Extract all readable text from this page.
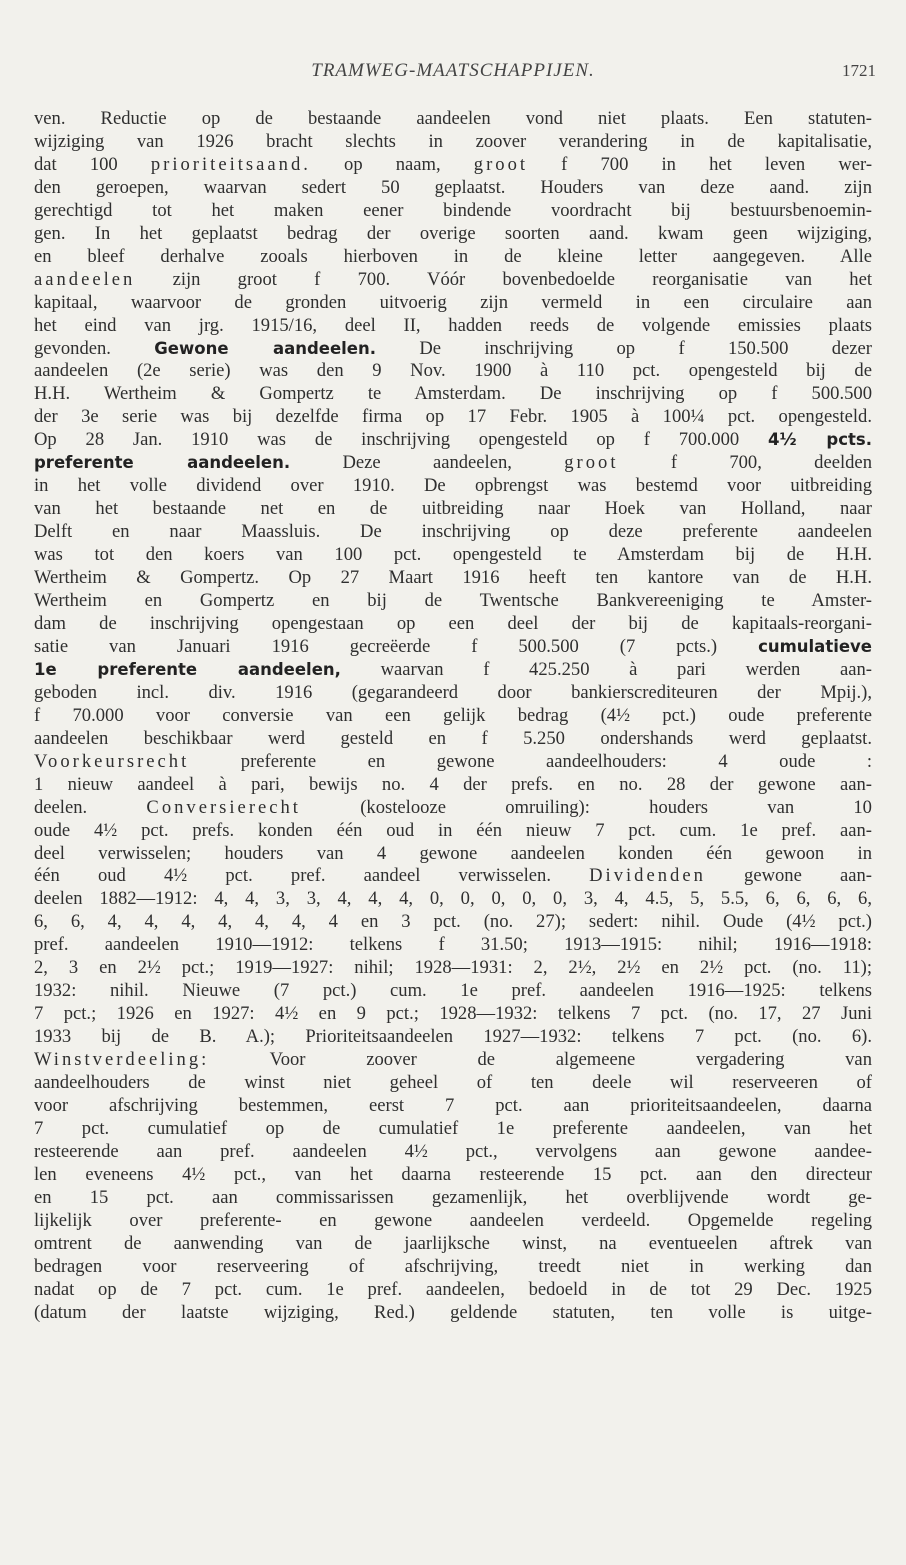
TRAMWEG-MAATSCHAPPIJEN.	1721
ven. Reductie op de bestaande aandeelen vond niet plaats. Een statuten-
wijziging van 1926 bracht slechts in zoover verandering in de kapitalisatie,
dat 100 prioriteitsaand. op naam, groot f 700 in het leven wer-
den geroepen, waarvan sedert 50 geplaatst. Houders van deze aand. zijn
gerechtigd tot het maken eener bindende voordracht bij bestuursbenoemin-
gen. In het geplaatst bedrag der overige soorten aand. kwam geen wijziging,
en bleef derhalve zooals hierboven in de kleine letter aangegeven. Alle
aandeelen zijn groot f 700. Vóór bovenbedoelde reorganisatie van het
kapitaal, waarvoor de gronden uitvoerig zijn vermeld in een circulaire aan
het eind van jrg. 1915/16, deel II, hadden reeds de volgende emissies plaats
gevonden. Gewone aandeelen. De inschrijving op f 150.500 dezer
aandeelen (2e serie) was den 9 Nov. 1900 à 110 pct. opengesteld bij de
H.H. Wertheim & Gompertz te Amsterdam. De inschrijving op f 500.500
der 3e serie was bij dezelfde firma op 17 Febr. 1905 à 100¼ pct. opengesteld.
Op 28 Jan. 1910 was de inschrijving opengesteld op f 700.000 4½ pcts.
preferente aandeelen. Deze aandeelen, groot f 700, deelden
in het volle dividend over 1910. De opbrengst was bestemd voor uitbreiding
van het bestaande net en de uitbreiding naar Hoek van Holland, naar
Delft en naar Maassluis. De inschrijving op deze preferente aandeelen
was tot den koers van 100 pct. opengesteld te Amsterdam bij de H.H.
Wertheim & Gompertz. Op 27 Maart 1916 heeft ten kantore van de H.H.
Wertheim en Gompertz en bij de Twentsche Bankvereeniging te Amster-
dam de inschrijving opengestaan op een deel der bij de kapitaals-reorgani-
satie van Januari 1916 gecreëerde f 500.500 (7 pcts.) cumulatieve
1e preferente aandeelen, waarvan f 425.250 à pari werden aan-
geboden incl. div. 1916 (gegarandeerd door bankierscrediteuren der Mpij.),
f 70.000 voor conversie van een gelijk bedrag (4½ pct.) oude preferente
aandeelen beschikbaar werd gesteld en f 5.250 ondershands werd geplaatst.
Voorkeursrecht preferente en gewone aandeelhouders: 4 oude :
1 nieuw aandeel à pari, bewijs no. 4 der prefs. en no. 28 der gewone aan-
deelen. Conversierecht (kostelooze omruiling): houders van 10
oude 4½ pct. prefs. konden één oud in één nieuw 7 pct. cum. 1e pref. aan-
deel verwisselen; houders van 4 gewone aandeelen konden één gewoon in
één oud 4½ pct. pref. aandeel verwisselen. Dividenden gewone aan-
deelen 1882—1912: 4, 4, 3, 3, 4, 4, 4, 0, 0, 0, 0, 0, 3, 4, 4.5, 5, 5.5, 6, 6, 6, 6,
6, 6, 4, 4, 4, 4, 4, 4, 4 en 3 pct. (no. 27); sedert: nihil. Oude (4½ pct.)
pref. aandeelen 1910—1912: telkens f 31.50; 1913—1915: nihil; 1916—1918:
2, 3 en 2½ pct.; 1919—1927: nihil; 1928—1931: 2, 2½, 2½ en 2½ pct. (no. 11);
1932: nihil. Nieuwe (7 pct.) cum. 1e pref. aandeelen 1916—1925: telkens
7 pct.; 1926 en 1927: 4½ en 9 pct.; 1928—1932: telkens 7 pct. (no. 17, 27 Juni
1933 bij de B. A.); Prioriteitsaandeelen 1927—1932: telkens 7 pct. (no. 6).
Winstverdeeling: Voor zoover de algemeene vergadering van
aandeelhouders de winst niet geheel of ten deele wil reserveeren of
voor afschrijving bestemmen, eerst 7 pct. aan prioriteitsaandeelen, daarna
7 pct. cumulatief op de cumulatief 1e preferente aandeelen, van het
resteerende aan pref. aandeelen 4½ pct., vervolgens aan gewone aandee-
len eveneens 4½ pct., van het daarna resteerende 15 pct. aan den directeur
en 15 pct. aan commissarissen gezamenlijk, het overblijvende wordt ge-
lijkelijk over preferente- en gewone aandeelen verdeeld. Opgemelde regeling
omtrent de aanwending van de jaarlijksche winst, na eventueelen aftrek van
bedragen voor reserveering of afschrijving, treedt niet in werking dan
nadat op de 7 pct. cum. 1e pref. aandeelen, bedoeld in de tot 29 Dec. 1925
(datum der laatste wijziging, Red.) geldende statuten, ten volle is uitge-
